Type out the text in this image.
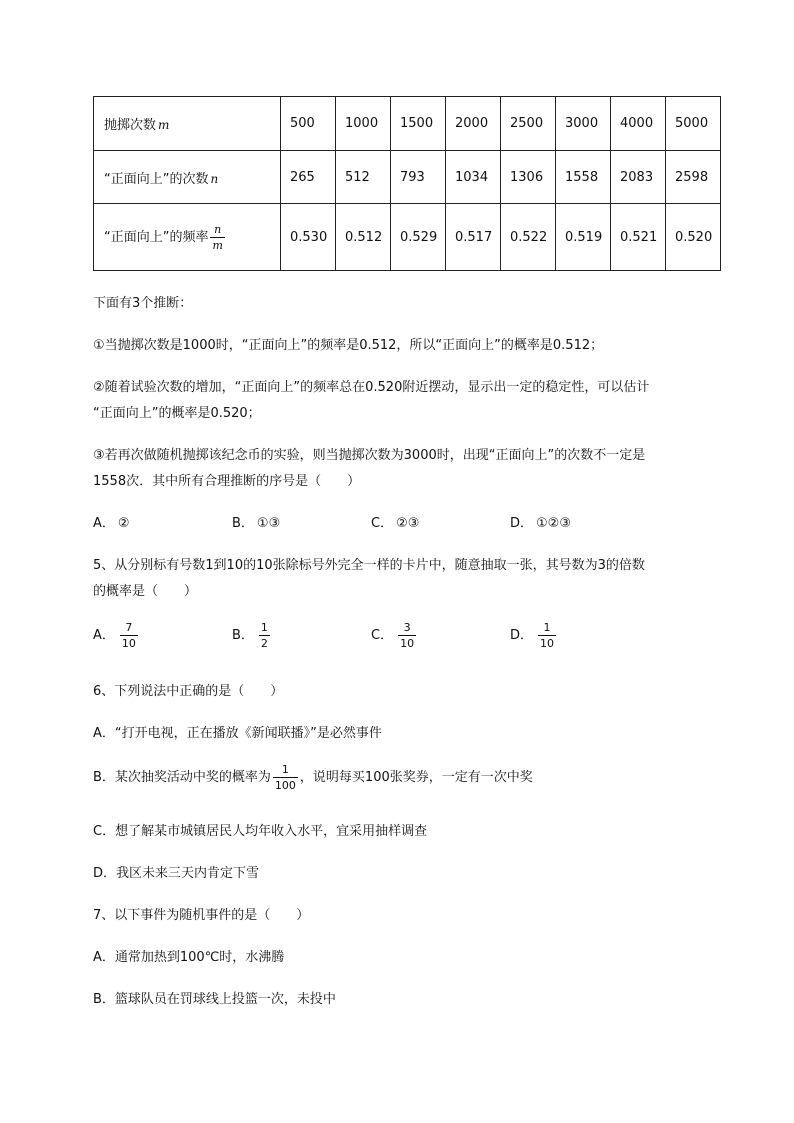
抛掷次数 m	500	1000	1500	2000	2500	3000	4000	5000
“正面向上”的次数 n	265	512	793	1034	1306	1558	2083	2598
“正面向上”的频率 $\frac{n}{m}$	0.530	0.512	0.529	0.517	0.522	0.519	0.521	0.520
下面有3个推断：
①当抛掷次数是1000时，“正面向上”的频率是0.512，所以“正面向上”的概率是0.512；
②随着试验次数的增加，“正面向上”的频率总在0.520附近摆动，显示出一定的稳定性，可以估计
“正面向上”的概率是0.520；
③若再次做随机抛掷该纪念币的实验，则当抛掷次数为3000时，出现“正面向上”的次数不一定是
1558次．其中所有合理推断的序号是（　　）
A． ②	B． ①③	C． ②③	D． ①②③
5、从分别标有号数1到10的10张除标号外完全一样的卡片中，随意抽取一张，其号数为3的倍数
的概率是（　　）
A． $\frac{7}{10}$	B． $\frac{1}{2}$	C． $\frac{3}{10}$	D． $\frac{1}{10}$
6、下列说法中正确的是（　　）
A．“打开电视，正在播放《新闻联播》”是必然事件
B．某次抽奖活动中奖的概率为 $\frac{1}{100}$ ，说明每买100张奖券，一定有一次中奖
C．想了解某市城镇居民人均年收入水平，宜采用抽样调查
D．我区未来三天内肯定下雪
7、以下事件为随机事件的是（　　）
A．通常加热到100℃时，水沸腾
B．篮球队员在罚球线上投篮一次，未投中
